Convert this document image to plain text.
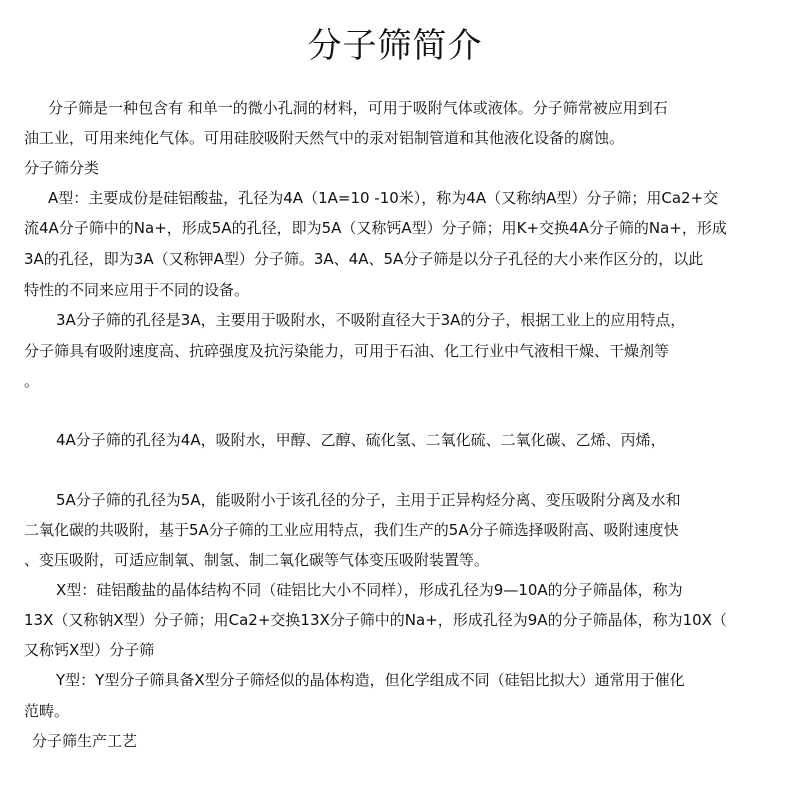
分子筛简介
分子筛是一种包含有 和单一的微小孔洞的材料，可用于吸附气体或液体。分子筛常被应用到石
油工业，可用来纯化气体。可用硅胶吸附天然气中的汞对铝制管道和其他液化设备的腐蚀。
分子筛分类
A型：主要成份是硅铝酸盐，孔径为4A（1A=10 -10米），称为4A（又称纳A型）分子筛；用Ca2+交
流4A分子筛中的Na+，形成5A的孔径，即为5A（又称钙A型）分子筛；用K+交换4A分子筛的Na+，形成
3A的孔径，即为3A（又称钾A型）分子筛。3A、4A、5A分子筛是以分子孔径的大小来作区分的，以此
特性的不同来应用于不同的设备。
3A分子筛的孔径是3A，主要用于吸附水，不吸附直径大于3A的分子，根据工业上的应用特点，
分子筛具有吸附速度高、抗碎强度及抗污染能力，可用于石油、化工行业中气液相干燥、干燥剂等
。
4A分子筛的孔径为4A，吸附水，甲醇、乙醇、硫化氢、二氧化硫、二氧化碳、乙烯、丙烯，
5A分子筛的孔径为5A，能吸附小于该孔径的分子，主用于正异构烃分离、变压吸附分离及水和
二氧化碳的共吸附，基于5A分子筛的工业应用特点，我们生产的5A分子筛选择吸附高、吸附速度快
、变压吸附，可适应制氧、制氢、制二氧化碳等气体变压吸附装置等。
X型：硅铝酸盐的晶体结构不同（硅铝比大小不同样），形成孔径为9—10A的分子筛晶体，称为
13X（又称钠X型）分子筛；用Ca2+交换13X分子筛中的Na+，形成孔径为9A的分子筛晶体，称为10X（
又称钙X型）分子筛
Y型：Y型分子筛具备X型分子筛烃似的晶体构造，但化学组成不同（硅铝比拟大）通常用于催化
范畴。
分子筛生产工艺
